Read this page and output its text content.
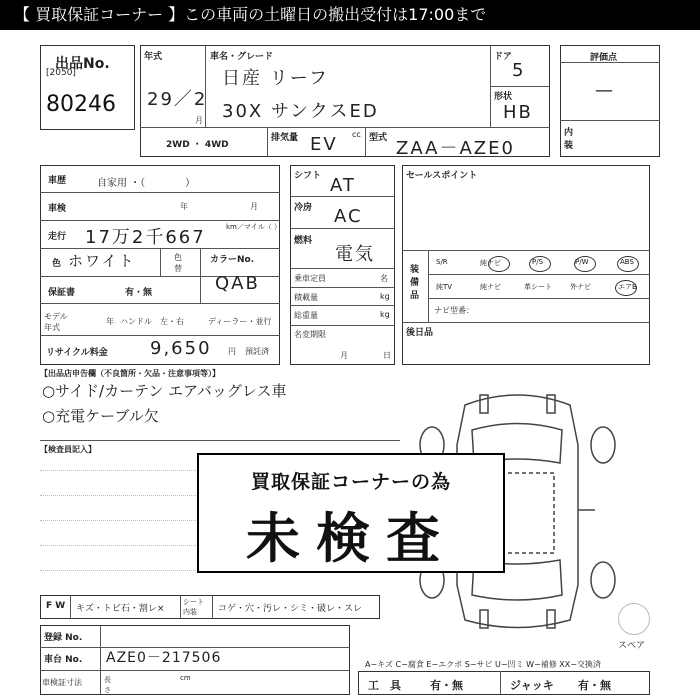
【 買取保証コーナー 】この車両の土曜日の搬出受付は17:00まで
出品No.
[2050]
80246
年式
29／2
月
車名・グレード
日産 リーフ
30X サンクスED
ドア
5
形状
HB
2WD ・ 4WD
排気量 EV cc 型式 ZAA－AZE0
評価点
—
内装
車歴	自家用 ・（　　　　）
車検	年	月
走行 17万2千667	km／マイル（ ）
色 ホワイト	色替
カラーNo.
QAB
保証書	有・無
モデル年式
年 ハンドル　左・右	ディーラー・並行
リサイクル料金 9,650 円 預託済
シフト AT
冷房 AC
燃料
電気
乗車定員	名
積載量	kg
総重量	kg
名変期限
月	日
セールスポイント
装備品
S/R	純ナビ	P/S	P/W	ABS
純TV	純ナビ	革シート	外ナビ	エアB
ナビ型番：
後日品
【出品店申告欄（不良箇所・欠品・注意事項等）】
○サイド/カーテン エアバッグレス車
○充電ケーブル欠
【検査員記入】
スペア
買取保証コーナーの為
未検査
F W キズ・トビ石・割レ×
シート内装	コゲ・穴・汚レ・シミ・破レ・スレ
登録 No.
車台 No. AZE0－217506
車検証寸法	長さ
cm
A−キズ C−腐食 E−エクボ S−サビ U−凹ミ W−補修 XX−交換済
工　具	有・無	ジャッキ 有・無
